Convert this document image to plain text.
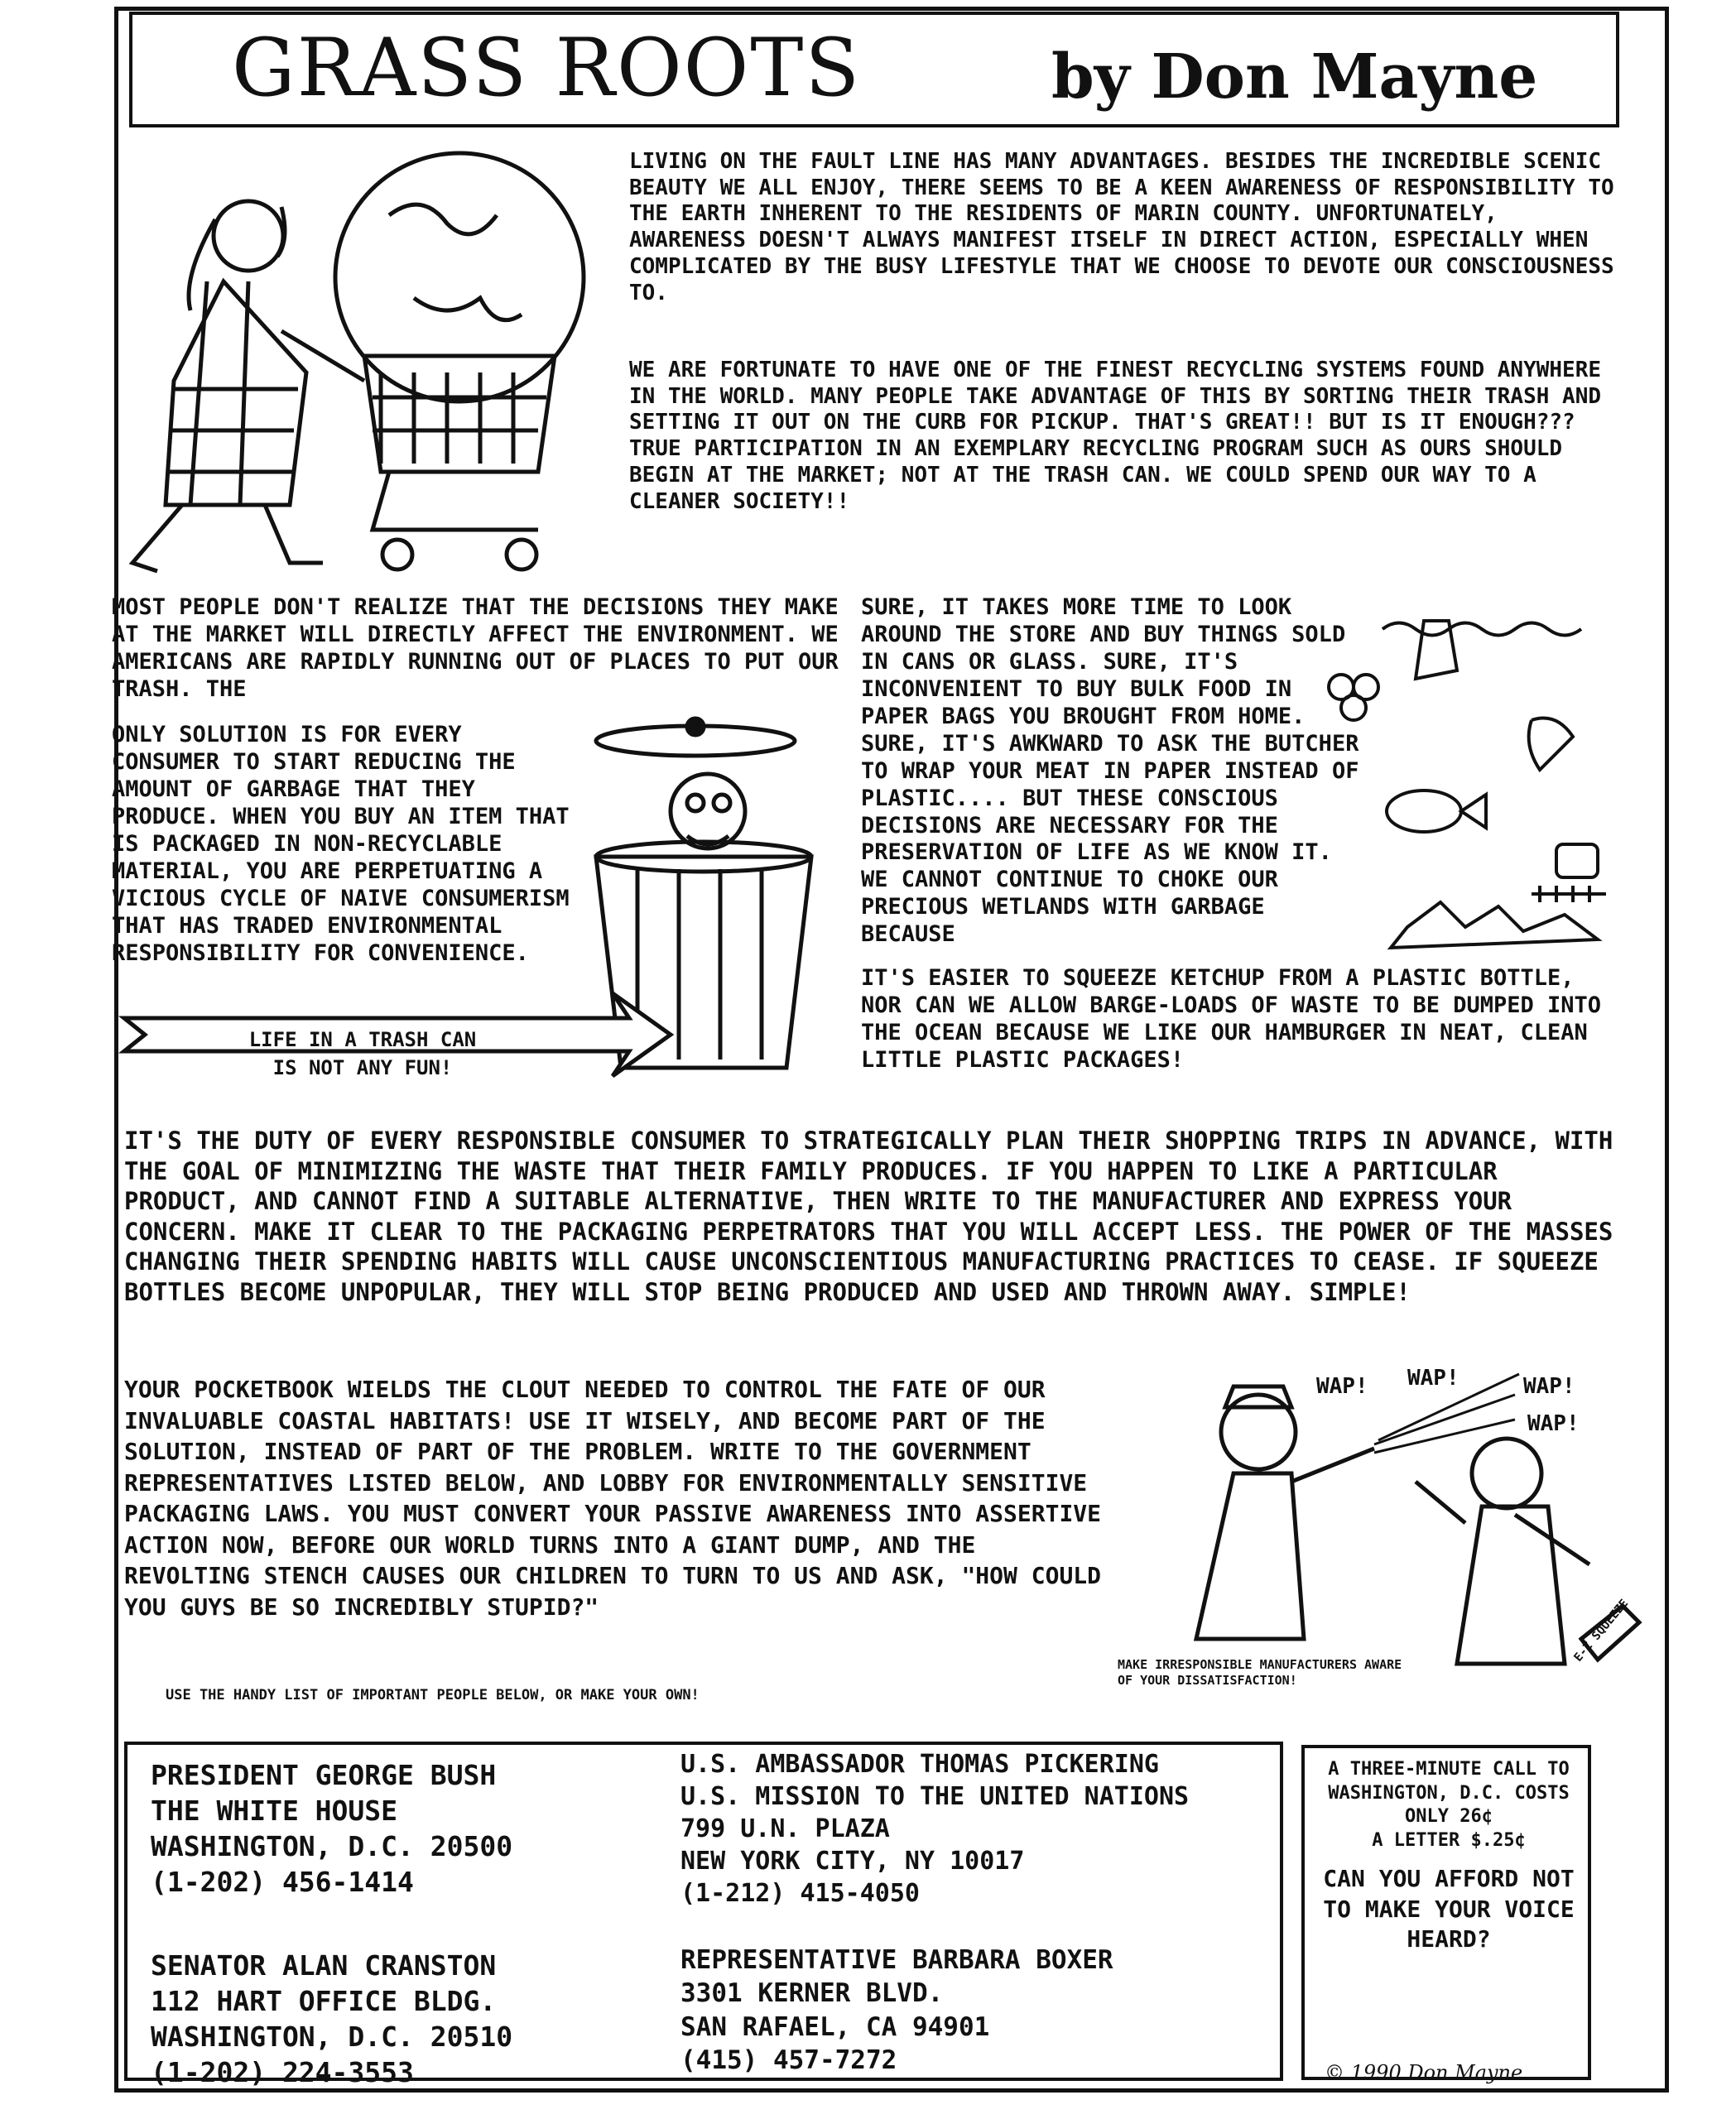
GRASS ROOTS	by Don Mayne
LIVING ON THE FAULT LINE HAS MANY ADVANTAGES. BESIDES THE INCREDIBLE SCENIC BEAUTY WE ALL ENJOY, THERE SEEMS TO BE A KEEN AWARENESS OF RESPONSIBILITY TO THE EARTH INHERENT TO THE RESIDENTS OF MARIN COUNTY. UNFORTUNATELY, AWARENESS DOESN'T ALWAYS MANIFEST ITSELF IN DIRECT ACTION, ESPECIALLY WHEN COMPLICATED BY THE BUSY LIFESTYLE THAT WE CHOOSE TO DEVOTE OUR CONSCIOUSNESS TO.
WE ARE FORTUNATE TO HAVE ONE OF THE FINEST RECYCLING SYSTEMS FOUND ANYWHERE IN THE WORLD. MANY PEOPLE TAKE ADVANTAGE OF THIS BY SORTING THEIR TRASH AND SETTING IT OUT ON THE CURB FOR PICKUP. THAT'S GREAT!! BUT IS IT ENOUGH??? TRUE PARTICIPATION IN AN EXEMPLARY RECYCLING PROGRAM SUCH AS OURS SHOULD BEGIN AT THE MARKET; NOT AT THE TRASH CAN. WE COULD SPEND OUR WAY TO A CLEANER SOCIETY!!
MOST PEOPLE DON'T REALIZE THAT THE DECISIONS THEY MAKE AT THE MARKET WILL DIRECTLY AFFECT THE ENVIRONMENT. WE AMERICANS ARE RAPIDLY RUNNING OUT OF PLACES TO PUT OUR TRASH. THE
ONLY SOLUTION IS FOR EVERY CONSUMER TO START REDUCING THE AMOUNT OF GARBAGE THAT THEY PRODUCE. WHEN YOU BUY AN ITEM THAT IS PACKAGED IN NON-RECYCLABLE MATERIAL, YOU ARE PERPETUATING A VICIOUS CYCLE OF NAIVE CONSUMERISM THAT HAS TRADED ENVIRONMENTAL RESPONSIBILITY FOR CONVENIENCE.
SURE, IT TAKES MORE TIME TO LOOK AROUND THE STORE AND BUY THINGS SOLD IN CANS OR GLASS. SURE, IT'S INCONVENIENT TO BUY BULK FOOD IN PAPER BAGS YOU BROUGHT FROM HOME. SURE, IT'S AWKWARD TO ASK THE BUTCHER TO WRAP YOUR MEAT IN PAPER INSTEAD OF PLASTIC.... BUT THESE CONSCIOUS DECISIONS ARE NECESSARY FOR THE PRESERVATION OF LIFE AS WE KNOW IT. WE CANNOT CONTINUE TO CHOKE OUR PRECIOUS WETLANDS WITH GARBAGE BECAUSE
IT'S EASIER TO SQUEEZE KETCHUP FROM A PLASTIC BOTTLE, NOR CAN WE ALLOW BARGE-LOADS OF WASTE TO BE DUMPED INTO THE OCEAN BECAUSE WE LIKE OUR HAMBURGER IN NEAT, CLEAN LITTLE PLASTIC PACKAGES!
IT'S THE DUTY OF EVERY RESPONSIBLE CONSUMER TO STRATEGICALLY PLAN THEIR SHOPPING TRIPS IN ADVANCE, WITH THE GOAL OF MINIMIZING THE WASTE THAT THEIR FAMILY PRODUCES. IF YOU HAPPEN TO LIKE A PARTICULAR PRODUCT, AND CANNOT FIND A SUITABLE ALTERNATIVE, THEN WRITE TO THE MANUFACTURER AND EXPRESS YOUR CONCERN. MAKE IT CLEAR TO THE PACKAGING PERPETRATORS THAT YOU WILL ACCEPT LESS. THE POWER OF THE MASSES CHANGING THEIR SPENDING HABITS WILL CAUSE UNCONSCIENTIOUS MANUFACTURING PRACTICES TO CEASE. IF SQUEEZE BOTTLES BECOME UNPOPULAR, THEY WILL STOP BEING PRODUCED AND USED AND THROWN AWAY. SIMPLE!
YOUR POCKETBOOK WIELDS THE CLOUT NEEDED TO CONTROL THE FATE OF OUR INVALUABLE COASTAL HABITATS! USE IT WISELY, AND BECOME PART OF THE SOLUTION, INSTEAD OF PART OF THE PROBLEM. WRITE TO THE GOVERNMENT REPRESENTATIVES LISTED BELOW, AND LOBBY FOR ENVIRONMENTALLY SENSITIVE PACKAGING LAWS. YOU MUST CONVERT YOUR PASSIVE AWARENESS INTO ASSERTIVE ACTION NOW, BEFORE OUR WORLD TURNS INTO A GIANT DUMP, AND THE REVOLTING STENCH CAUSES OUR CHILDREN TO TURN TO US AND ASK, "HOW COULD YOU GUYS BE SO INCREDIBLY STUPID?"
USE THE HANDY LIST OF IMPORTANT PEOPLE BELOW, OR MAKE YOUR OWN!
MAKE IRRESPONSIBLE MANUFACTURERS AWARE OF YOUR DISSATISFACTION!
LIFE IN A TRASH CAN
IS NOT ANY FUN!
WAP! WAP!	WAP!
WAP!
E-Z SQUEEZE
PRESIDENT GEORGE BUSH
THE WHITE HOUSE
WASHINGTON, D.C. 20500
(1-202) 456-1414
SENATOR ALAN CRANSTON
112 HART OFFICE BLDG.
WASHINGTON, D.C. 20510
(1-202) 224-3553
U.S. AMBASSADOR THOMAS PICKERING
U.S. MISSION TO THE UNITED NATIONS
799 U.N. PLAZA
NEW YORK CITY, NY 10017
(1-212) 415-4050
REPRESENTATIVE BARBARA BOXER
3301 KERNER BLVD.
SAN RAFAEL, CA 94901
(415) 457-7272
A THREE-MINUTE CALL TO WASHINGTON, D.C. COSTS ONLY 26¢
A LETTER $.25¢
CAN YOU AFFORD NOT TO MAKE YOUR VOICE HEARD?
© 1990 Don Mayne
